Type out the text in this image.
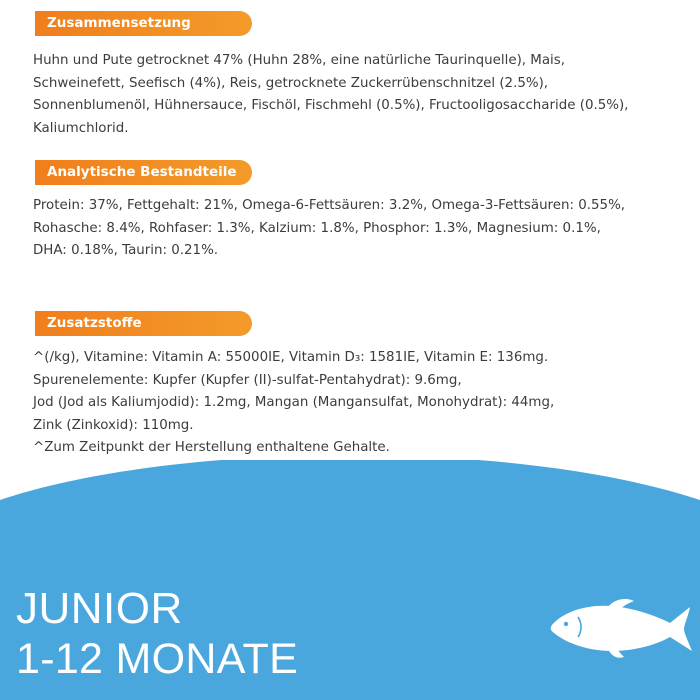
Zusammensetzung

Huhn und Pute getrocknet 47% (Huhn 28%, eine natürliche Taurinquelle), Mais,
Schweinefett, Seefisch (4%), Reis, getrocknete Zuckerrübenschnitzel (2.5%),
Sonnenblumenöl, Hühnersauce, Fischöl, Fischmehl (0.5%), Fructooligosaccharide (0.5%),
Kaliumchlorid.

Analytische Bestandteile

Protein: 37%, Fettgehalt: 21%, Omega-6-Fettsäuren: 3.2%, Omega-3-Fettsäuren: 0.55%,
Rohasche: 8.4%, Rohfaser: 1.3%, Kalzium: 1.8%, Phosphor: 1.3%, Magnesium: 0.1%,
DHA: 0.18%, Taurin: 0.21%.

Zusatzstoffe

^(/kg), Vitamine: Vitamin A: 55000IE, Vitamin D₃: 1581IE, Vitamin E: 136mg.
Spurenelemente: Kupfer (Kupfer (II)-sulfat-Pentahydrat): 9.6mg,
Jod (Jod als Kaliumjodid): 1.2mg, Mangan (Mangansulfat, Monohydrat): 44mg,
Zink (Zinkoxid): 110mg.
^Zum Zeitpunkt der Herstellung enthaltene Gehalte.

JUNIOR
1-12 MONATE
